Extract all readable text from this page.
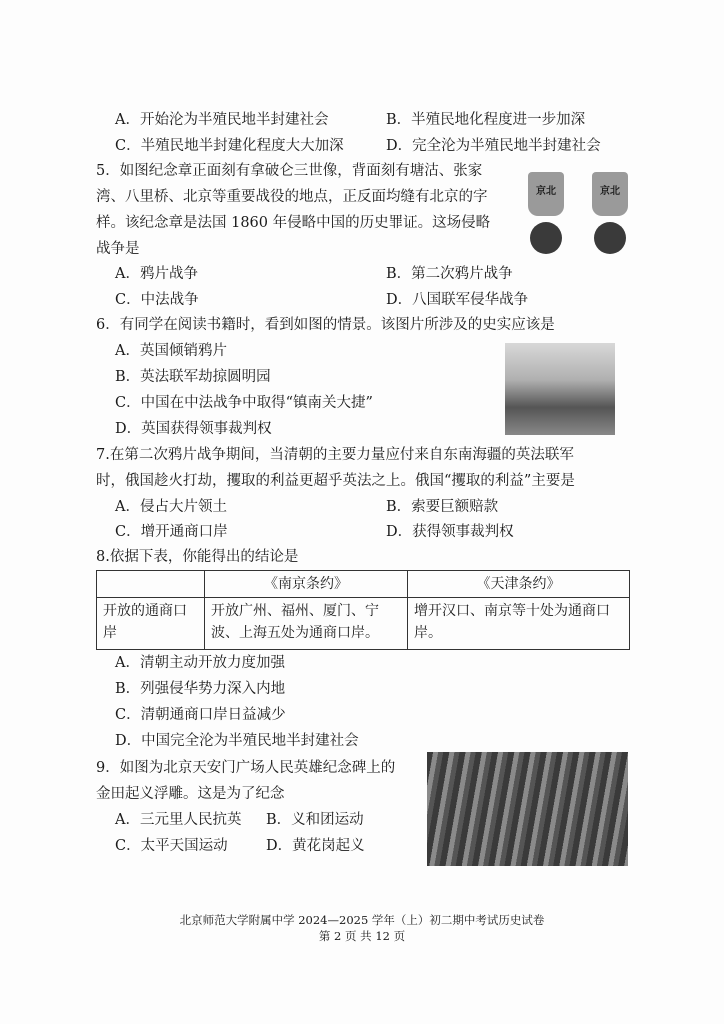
A．开始沦为半殖民地半封建社会	B．半殖民地化程度进一步加深
C．半殖民地半封建化程度大大加深	D．完全沦为半殖民地半封建社会
5．如图纪念章正面刻有拿破仑三世像，背面刻有塘沽、张家
湾、八里桥、北京等重要战役的地点，正反面均缝有北京的字
样。该纪念章是法国 1860 年侵略中国的历史罪证。这场侵略
战争是
A．鸦片战争	B．第二次鸦片战争
C．中法战争	D．八国联军侵华战争
京北	京北
6．有同学在阅读书籍时，看到如图的情景。该图片所涉及的史实应该是
A．英国倾销鸦片
B．英法联军劫掠圆明园
C．中国在中法战争中取得“镇南关大捷”
D．英国获得领事裁判权
7.在第二次鸦片战争期间，当清朝的主要力量应付来自东南海疆的英法联军
时，俄国趁火打劫，攫取的利益更超乎英法之上。俄国“攫取的利益”主要是
A．侵占大片领土	B．索要巨额赔款
C．增开通商口岸	D．获得领事裁判权
8.依据下表，你能得出的结论是
	《南京条约》	《天津条约》
开放的通商口岸	开放广州、福州、厦门、宁波、上海五处为通商口岸。	增开汉口、南京等十处为通商口岸。
A．清朝主动开放力度加强
B．列强侵华势力深入内地
C．清朝通商口岸日益减少
D．中国完全沦为半殖民地半封建社会
9．如图为北京天安门广场人民英雄纪念碑上的
金田起义浮雕。这是为了纪念
A．三元里人民抗英 B．义和团运动
C．太平天国运动	D．黄花岗起义
北京师范大学附属中学 2024—2025 学年（上）初二期中考试历史试卷
第 2 页 共 12 页
